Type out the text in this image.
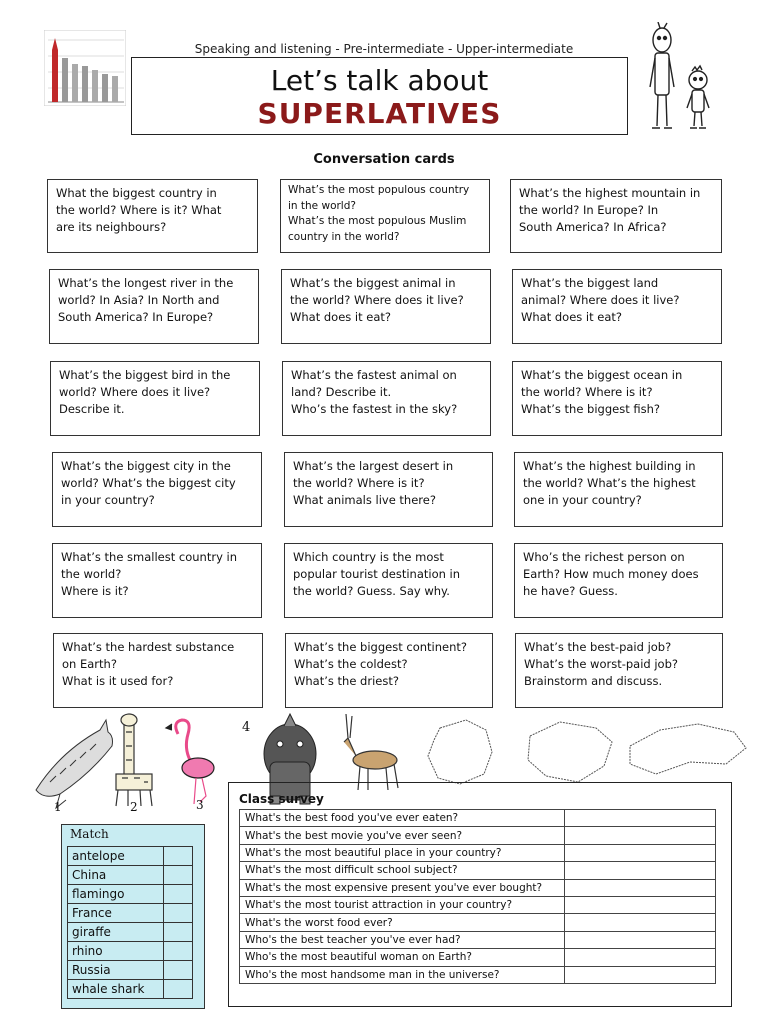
Speaking and listening - Pre-intermediate - Upper-intermediate
Let’s talk about
SUPERLATIVES
Conversation cards
What the biggest country in
the world? Where is it? What
are its neighbours?
What’s the most populous country
in the world?
What’s the most populous Muslim
country in the world?
What’s the highest mountain in
the world? In Europe? In
South America? In Africa?
What’s the longest river in the
world? In Asia? In North and
South America? In Europe?
What’s the biggest animal in
the world? Where does it live?
What does it eat?
What’s the biggest land
animal? Where does it live?
What does it eat?
What’s the biggest bird in the
world? Where does it live?
Describe it.
What’s the fastest animal on
land? Describe it.
Who’s the fastest in the sky?
What’s the biggest ocean in
the world? Where is it?
What’s the biggest fish?
What’s the biggest city in the
world? What’s the biggest city
in your country?
What’s the largest desert in
the world? Where is it?
What animals live there?
What’s the highest building in
the world? What’s the highest
one in your country?
What’s the smallest country in
the world?
Where is it?
Which country is the most
popular tourist destination in
the world? Guess. Say why.
Who’s the richest person on
Earth? How much money does
he have? Guess.
What’s the hardest substance
on Earth?
What is it used for?
What’s the biggest continent?
What’s the coldest?
What’s the driest?
What’s the best-paid job?
What’s the worst-paid job?
Brainstorm and discuss.
1	2	3
4
Match
antelope	
China	
flamingo	
France	
giraffe	
rhino	
Russia	
whale shark	
Class survey
What's the best food you've ever eaten?	
What's the best movie you've ever seen?	
What's the most beautiful place in your country?	
What's the most difficult school subject?	
What's the most expensive present you've ever bought?	
What's the most tourist attraction in your country?	
What's the worst food ever?	
Who's the best teacher you've ever had?	
Who's the most beautiful woman on Earth?	
Who's the most handsome man in the universe?	
